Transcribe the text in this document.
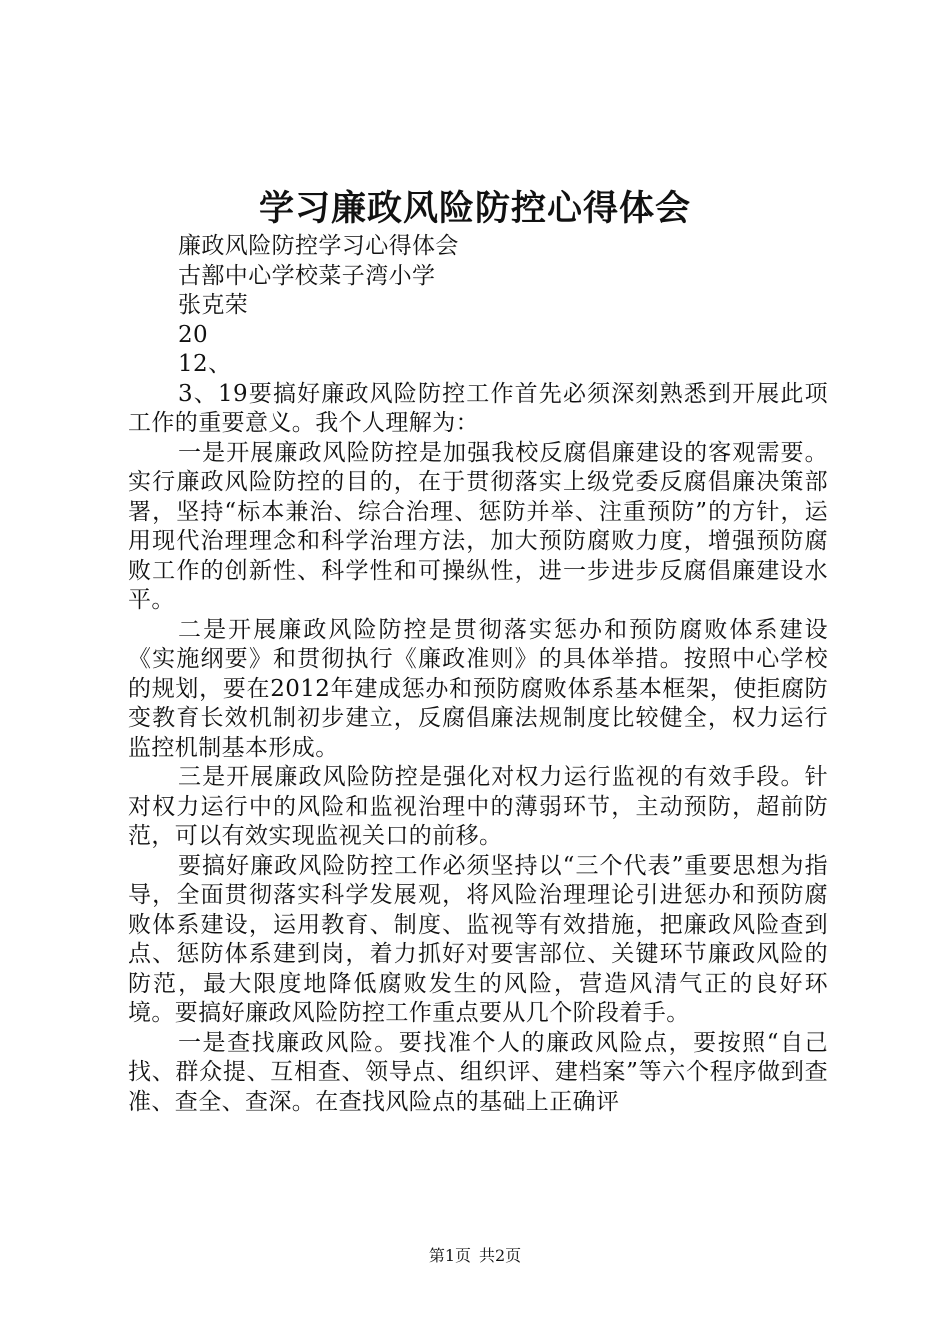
学习廉政风险防控心得体会
廉政风险防控学习心得体会
古鄯中心学校菜子湾小学
张克荣
20
12、

3、19要搞好廉政风险防控工作首先必须深刻熟悉到开展此项工作的重要意义。我个人理解为：

一是开展廉政风险防控是加强我校反腐倡廉建设的客观需要。实行廉政风险防控的目的，在于贯彻落实上级党委反腐倡廉决策部署，坚持“标本兼治、综合治理、惩防并举、注重预防”的方针，运用现代治理理念和科学治理方法，加大预防腐败力度，增强预防腐败工作的创新性、科学性和可操纵性，进一步进步反腐倡廉建设水平。

二是开展廉政风险防控是贯彻落实惩办和预防腐败体系建设《实施纲要》和贯彻执行《廉政准则》的具体举措。按照中心学校的规划，要在2012年建成惩办和预防腐败体系基本框架，使拒腐防变教育长效机制初步建立，反腐倡廉法规制度比较健全，权力运行监控机制基本形成。

三是开展廉政风险防控是强化对权力运行监视的有效手段。针对权力运行中的风险和监视治理中的薄弱环节，主动预防，超前防范，可以有效实现监视关口的前移。

要搞好廉政风险防控工作必须坚持以“三个代表”重要思想为指导，全面贯彻落实科学发展观，将风险治理理论引进惩办和预防腐败体系建设，运用教育、制度、监视等有效措施，把廉政风险查到点、惩防体系建到岗，着力抓好对要害部位、关键环节廉政风险的防范，最大限度地降低腐败发生的风险，营造风清气正的良好环境。要搞好廉政风险防控工作重点要从几个阶段着手。

一是查找廉政风险。要找准个人的廉政风险点，要按照“自己找、群众提、互相查、领导点、组织评、建档案”等六个程序做到查准、查全、查深。在查找风险点的基础上正确评

第1页 共2页
